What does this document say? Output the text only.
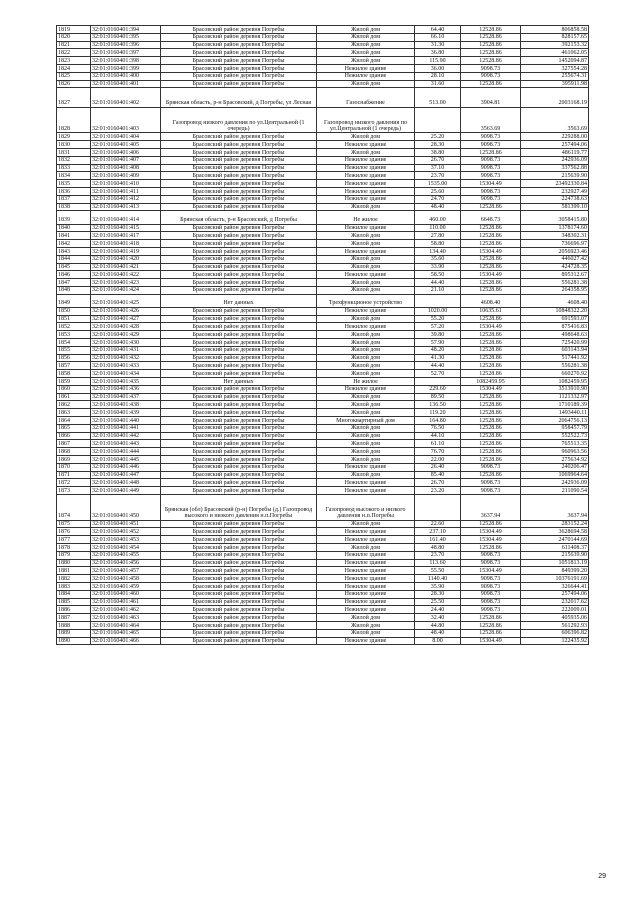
1819	32:01:0160401:394	Брасовский район деревня Погребы	Жилой дом	64.40	12528.86	806858.58
1820	32:01:0160401:395	Брасовский район деревня Погребы	Жилой дом	66.10	12528.86	828157.65
1821	32:01:0160401:396	Брасовский район деревня Погребы	Жилой дом	31.30	12528.86	392153.32
1822	32:01:0160401:397	Брасовский район деревня Погребы	Жилой дом	36.80	12528.86	461062.05
1823	32:01:0160401:398	Брасовский район деревня Погребы	Жилой дом	115.90	12528.86	1452094.87
1824	32:01:0160401:399	Брасовский район деревня Погребы	Нежилое здание	36.00	9098.73	327554.28
1825	32:01:0160401:400	Брасовский район деревня Погребы	Нежилое здание	28.10	9098.73	255674.31
1826	32:01:0160401:401	Брасовский район деревня Погребы	Жилой дом	31.60	12528.86	395911.98
1827	32:01:0160401:402	Брянская область, р-н Брасовский, д Погребы, ул Лесная	Газоснабжение	513.00	3904.81	2003168.19
1828	32:01:0160401:403	Газопровод низкого давления по ул.Центральной (1 очередь)	Газопровод низкого давления по ул.Центральной (1 очередь)		3563.69	3563.69
1829	32:01:0160401:404	Брасовский район деревня Погребы	Жилой дом	25.20	9098.73	229288.00
1830	32:01:0160401:405	Брасовский район деревня Погребы	Нежилое здание	28.30	9098.73	257494.06
1831	32:01:0160401:406	Брасовский район деревня Погребы	Жилой дом	38.80	12528.86	486119.77
1832	32:01:0160401:407	Брасовский район деревня Погребы	Нежилое здание	26.70	9098.73	242936.09
1833	32:01:0160401:408	Брасовский район деревня Погребы	Нежилое здание	37.10	9098.73	337562.88
1834	32:01:0160401:409	Брасовский район деревня Погребы	Нежилое здание	23.70	9098.73	215639.90
1835	32:01:0160401:410	Брасовский район деревня Погребы	Нежилое здание	1535.00	15304.49	23492330.84
1836	32:01:0160401:411	Брасовский район деревня Погребы	Нежилое здание	25.60	9098.73	232927.49
1837	32:01:0160401:412	Брасовский район деревня Погребы	Нежилое здание	24.70	9098.73	224738.63
1838	32:01:0160401:413	Брасовский район деревня Погребы	Жилой дом	48.40	12528.86	581399.10
1839	32:01:0160401:414	Брянская область, р-н Брасовский, д Погребы	Не жилое	460.00	6648.73	3058415.80
1840	32:01:0160401:415	Брасовский район деревня Погребы	Нежилое здание	110.00	12528.86	1378174.60
1841	32:01:0160401:417	Брасовский район деревня Погребы	Жилой дом	27.80	12528.86	348302.31
1842	32:01:0160401:418	Брасовский район деревня Погребы	Жилой дом	58.80	12528.86	736696.97
1843	32:01:0160401:419	Брасовский район деревня Погребы	Нежилое здание	134.40	15304.49	2056923.46
1844	32:01:0160401:420	Брасовский район деревня Погребы	Жилой дом	35.60	12528.86	446027.42
1845	32:01:0160401:421	Брасовский район деревня Погребы	Жилой дом	33.90	12528.86	424728.35
1846	32:01:0160401:422	Брасовский район деревня Погребы	Нежилое здание	58.50	15304.49	895312.67
1847	32:01:0160401:423	Брасовский район деревня Погребы	Жилой дом	44.40	12528.86	556281.38
1848	32:01:0160401:424	Брасовский район деревня Погребы	Жилой дом	21.10	12528.86	264358.95
1849	32:01:0160401:425	Нет данных	Трехфункционое устройство		4608.40	4608.40
1850	32:01:0160401:426	Брасовский район деревня Погребы	Нежилое здание	1020.00	10635.61	10848322.20
1851	32:01:0160401:427	Брасовский район деревня Погребы	Жилой дом	55.20	12528.86	691593.07
1852	32:01:0160401:428	Брасовский район деревня Погребы	Нежилое здание	57.20	15304.49	875416.83
1853	32:01:0160401:429	Брасовский район деревня Погребы	Жилой дом	39.80	12528.86	498648.63
1854	32:01:0160401:430	Брасовский район деревня Погребы	Жилой дом	57.90	12528.86	725420.99
1855	32:01:0160401:431	Брасовский район деревня Погребы	Жилой дом	48.20	12528.86	603143.94
1856	32:01:0160401:432	Брасовский район деревня Погребы	Жилой дом	41.30	12528.86	517441.92
1857	32:01:0160401:433	Брасовский район деревня Погребы	Жилой дом	44.40	12528.86	556281.38
1858	32:01:0160401:434	Брасовский район деревня Погребы	Жилой дом	52.70	12528.86	660270.92
1859	32:01:0160401:435	Нет данных	Не жилое		1082459.95	1082459.95
1860	32:01:0160401:436	Брасовский район деревня Погребы	Нежилое здание	229.60	15304.49	3513910.90
1861	32:01:0160401:437	Брасовский район деревня Погребы	Жилой дом	89.50	12528.86	1121332.97
1862	32:01:0160401:438	Брасовский район деревня Погребы	Жилой дом	136.50	12528.86	1710189.39
1863	32:01:0160401:439	Брасовский район деревня Погребы	Жилой дом	119.20	12528.86	1493440.11
1864	32:01:0160401:440	Брасовский район деревня Погребы	Многоквартирный дом	164.80	12528.86	2064756.13
1865	32:01:0160401:441	Брасовский район деревня Погребы	Жилой дом	76.50	12528.86	958457.79
1866	32:01:0160401:442	Брасовский район деревня Погребы	Жилой дом	44.10	12528.86	552522.73
1867	32:01:0160401:443	Брасовский район деревня Погребы	Жилой дом	61.10	12528.86	765513.35
1868	32:01:0160401:444	Брасовский район деревня Погребы	Жилой дом	76.70	12528.86	960963.56
1869	32:01:0160401:445	Брасовский район деревня Погребы	Жилой дом	22.00	12528.86	275634.92
1870	32:01:0160401:446	Брасовский район деревня Погребы	Нежилое здание	26.40	9098.73	240206.47
1871	32:01:0160401:447	Брасовский район деревня Погребы	Жилой дом	85.40	12528.86	1069964.64
1872	32:01:0160401:448	Брасовский район деревня Погребы	Нежилое здание	26.70	9098.73	242936.09
1873	32:01:0160401:449	Брасовский район деревня Погребы	Нежилое здание	23.20	9098.73	211090.54
1874	32:01:0160401:450	Брянская (обл) Брасовский (р-н) Погребы (д.) Газопровод высокого и низкого давления н.п.Погребы	Газопровод высокого и низкого давления н.п.Погребы		3637.94	3637.94
1875	32:01:0160401:451	Брасовский район деревня Погребы	Жилой дом	22.60	12528.86	283152.24
1876	32:01:0160401:452	Брасовский район деревня Погребы	Нежилое здание	237.10	15304.49	3628694.58
1877	32:01:0160401:453	Брасовский район деревня Погребы	Нежилое здание	161.40	15304.49	2470144.69
1878	32:01:0160401:454	Брасовский район деревня Погребы	Жилой дом	48.80	12528.86	611408.37
1879	32:01:0160401:455	Брасовский район деревня Погребы	Нежилое здание	23.70	9098.73	215639.90
1880	32:01:0160401:456	Брасовский район деревня Погребы	Нежилое здание	113.60	9098.73	1051813.19
1881	32:01:0160401:457	Брасовский район деревня Погребы	Нежилое здание	55.50	15304.49	849399.20
1882	32:01:0160401:458	Брасовский район деревня Погребы	Нежилое здание	1140.40	9098.73	10376191.69
1883	32:01:0160401:459	Брасовский район деревня Погребы	Нежилое здание	35.90	9098.73	326644.41
1884	32:01:0160401:460	Брасовский район деревня Погребы	Нежилое здание	28.30	9098.73	257494.06
1885	32:01:0160401:461	Брасовский район деревня Погребы	Нежилое здание	25.50	9098.73	232017.62
1886	32:01:0160401:462	Брасовский район деревня Погребы	Нежилое здание	24.40	9098.73	222009.01
1887	32:01:0160401:463	Брасовский район деревня Погребы	Жилой дом	32.40	12528.86	405935.06
1888	32:01:0160401:464	Брасовский район деревня Погребы	Жилой дом	44.80	12528.86	561292.93
1889	32:01:0160401:465	Брасовский район деревня Погребы	Жилой дом	48.40	12528.86	606396.82
1890	32:01:0160401:466	Брасовский район деревня Погребы	Нежилое здание	8.00	15304.49	122435.92
29
